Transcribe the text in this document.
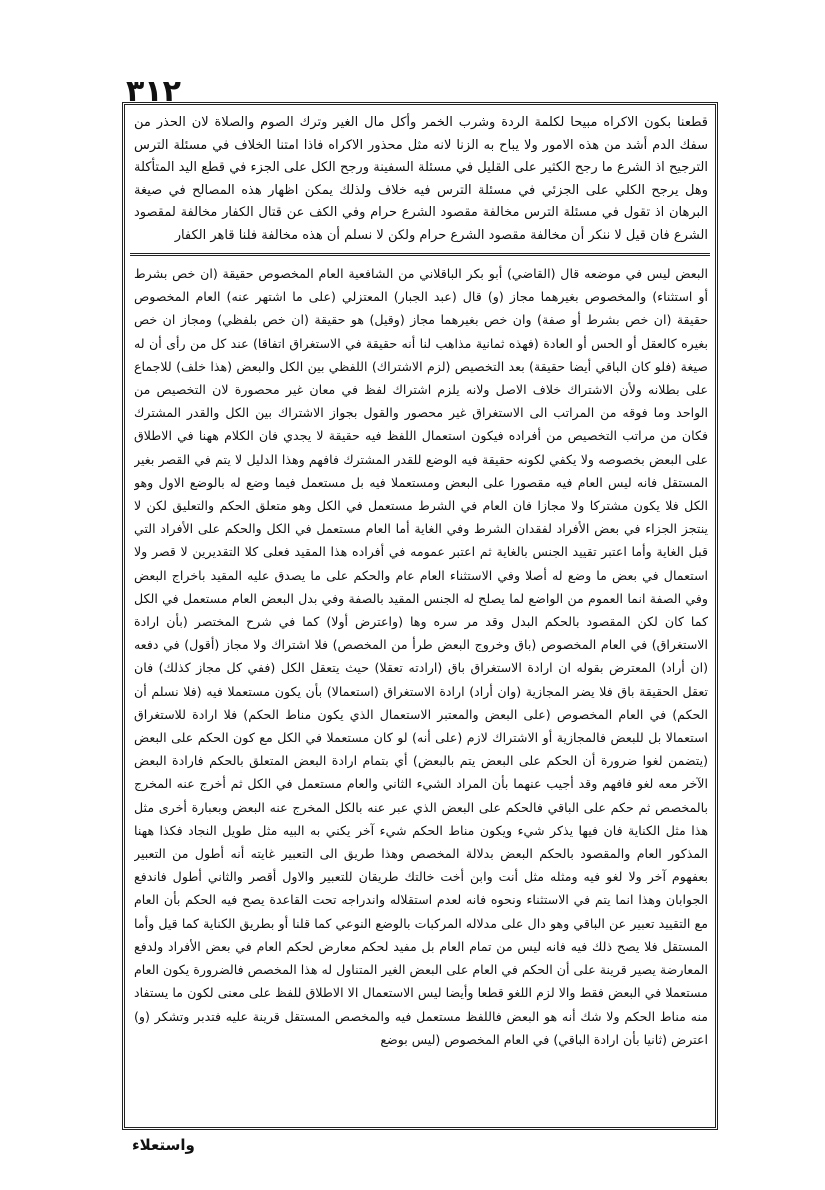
٣١٢

قطعنا بكون الاكراه مبيحا لكلمة الردة وشرب الخمر وأكل مال الغير وترك الصوم والصلاة لان الحذر من سفك الدم أشد من هذه الامور ولا يباح به الزنا لانه مثل محذور الاكراه فاذا امتنا الخلاف في مسئلة الترس الترجيح اذ الشرع ما رجح الكثير على القليل في مسئلة السفينة ورجح الكل على الجزء في قطع اليد المتأكلة وهل يرجح الكلي على الجزئي في مسئلة الترس فيه خلاف ولذلك يمكن اظهار هذه المصالح في صيغة البرهان اذ تقول في مسئلة الترس مخالفة مقصود الشرع حرام وفي الكف عن قتال الكفار مخالفة لمقصود الشرع فان قيل لا ننكر أن مخالفة مقصود الشرع حرام ولكن لا نسلم أن هذه مخالفة فلنا قاهر الكفار

البعض ليس في موضعه قال (القاضي) أبو بكر الباقلاني من الشافعية العام المخصوص حقيقة (ان خص بشرط أو استثناء) والمخصوص بغيرهما مجاز (و) قال (عبد الجبار) المعتزلي (على ما اشتهر عنه) العام المخصوص حقيقة (ان خص بشرط أو صفة) وان خص بغيرهما مجاز (وقيل) هو حقيقة (ان خص بلفظي) ومجاز ان خص بغيره كالعقل أو الحس أو العادة (فهذه ثمانية مذاهب لنا أنه حقيقة في الاستغراق اتفاقا) عند كل من رأى أن له صيغة (فلو كان الباقي أيضا حقيقة) بعد التخصيص (لزم الاشتراك) اللفظي بين الكل والبعض (هذا خلف) للاجماع على بطلانه ولأن الاشتراك خلاف الاصل ولانه يلزم اشتراك لفظ في معان غير محصورة لان التخصيص من الواحد وما فوقه من المراتب الى الاستغراق غير محصور والقول بجواز الاشتراك بين الكل والقدر المشترك فكان من مراتب التخصيص من أفراده فيكون استعمال اللفظ فيه حقيقة لا يجدي فان الكلام ههنا في الاطلاق على البعض بخصوصه ولا يكفي لكونه حقيقة فيه الوضع للقدر المشترك فافهم وهذا الدليل لا يتم في القصر بغير المستقل فانه ليس العام فيه مقصورا على البعض ومستعملا فيه بل مستعمل فيما وضع له بالوضع الاول وهو الكل فلا يكون مشتركا ولا مجازا فان العام في الشرط مستعمل في الكل وهو متعلق الحكم والتعليق لكن لا ينتجز الجزاء في بعض الأفراد لفقدان الشرط وفي الغاية أما العام مستعمل في الكل والحكم على الأفراد التي قبل الغاية وأما اعتبر تقييد الجنس بالغاية ثم اعتبر عمومه في أفراده هذا المقيد فعلى كلا التقديرين لا قصر ولا استعمال في بعض ما وضع له أصلا وفي الاستثناء العام عام والحكم على ما يصدق عليه المقيد باخراج البعض وفي الصفة انما العموم من الواضع لما يصلح له الجنس المقيد بالصفة وفي بدل البعض العام مستعمل في الكل كما كان لكن المقصود بالحكم البدل وقد مر سره وها (واعترض أولا) كما في شرح المختصر (بأن ارادة الاستغراق) في العام المخصوص (باق وخروج البعض طرأ من المخصص) فلا اشتراك ولا مجاز (أقول) في دفعه (ان أراد) المعترض بقوله ان ارادة الاستغراق باق (ارادته تعقلا) حيث يتعقل الكل (ففي كل مجاز كذلك) فان تعقل الحقيقة باق فلا يضر المجازية (وان أراد) ارادة الاستغراق (استعمالا) بأن يكون مستعملا فيه (فلا نسلم أن الحكم) في العام المخصوص (على البعض والمعتبر الاستعمال الذي يكون مناط الحكم) فلا ارادة للاستغراق استعمالا بل للبعض فالمجازية أو الاشتراك لازم (على أنه) لو كان مستعملا في الكل مع كون الحكم على البعض (يتضمن لغوا ضرورة أن الحكم على البعض يتم بالبعض) أي بتمام ارادة البعض المتعلق بالحكم فارادة البعض الآخر معه لغو فافهم وقد أجيب عنهما بأن المراد الشيء الثاني والعام مستعمل في الكل ثم أخرج عنه المخرج بالمخصص ثم حكم على الباقي فالحكم على البعض الذي عبر عنه بالكل المخرج عنه البعض وبعبارة أخرى مثل هذا مثل الكناية فان فيها يذكر شيء ويكون مناط الحكم شيء آخر يكني به البيه مثل طويل النجاد فكذا ههنا المذكور العام والمقصود بالحكم البعض بدلالة المخصص وهذا طريق الى التعبير غايته أنه أطول من التعبير بعفهوم آخر ولا لغو فيه ومثله مثل أنت وابن أخت خالتك طريقان للتعبير والاول أقصر والثاني أطول فاندفع الجوابان وهذا انما يتم في الاستثناء ونحوه فانه لعدم استقلاله واندراجه تحت القاعدة يصح فيه الحكم بأن العام مع التقييد تعبير عن الباقي وهو دال على مدلاله المركبات بالوضع النوعي كما قلنا أو بطريق الكناية كما قيل وأما المستقل فلا يصح ذلك فيه فانه ليس من تمام العام بل مفيد لحكم معارض لحكم العام في بعض الأفراد ولدفع المعارضة يصير قرينة على أن الحكم في العام على البعض الغير المتناول له هذا المخصص فالضرورة يكون العام مستعملا في البعض فقط والا لزم اللغو قطعا وأيضا ليس الاستعمال الا الاطلاق للفظ على معنى لكون ما يستفاد منه مناط الحكم ولا شك أنه هو البعض فاللفظ مستعمل فيه والمخصص المستقل قرينة عليه فتدبر وتشكر (و) اعترض (ثانيا بأن ارادة الباقي) في العام المخصوص (ليس بوضع

واستعلاء
